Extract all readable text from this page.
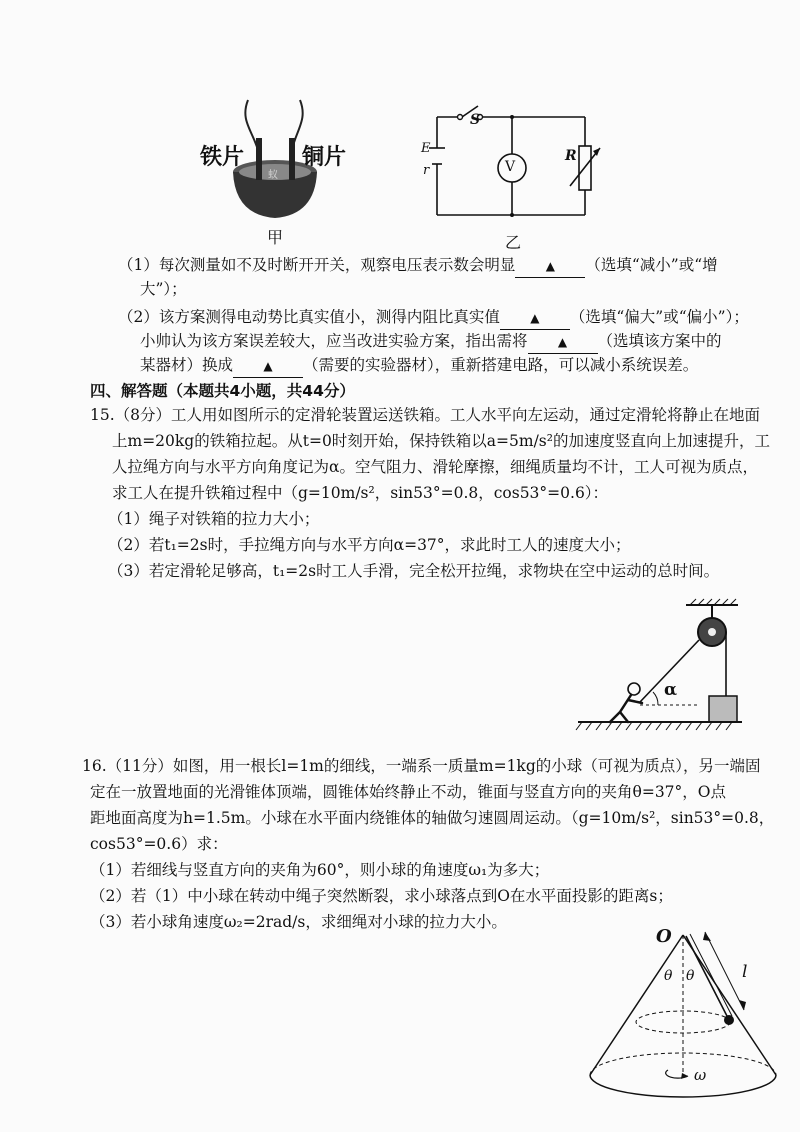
铁片	铜片
蚁
甲
S
E
r	V
R
乙
（1）每次测量如不及时断开开关，观察电压表示数会明显	▲ （选填“减小”或“增
大”）；
（2）该方案测得电动势比真实值小，测得内阻比真实值	▲ （选填“偏大”或“偏小”）；
小帅认为该方案误差较大，应当改进实验方案，指出需将	▲ （选填该方案中的
某器材）换成	▲ （需要的实验器材），重新搭建电路，可以减小系统误差。
四、解答题（本题共4小题，共44分）
15.（8分）工人用如图所示的定滑轮装置运送铁箱。工人水平向左运动，通过定滑轮将静止在地面
上m=20kg的铁箱拉起。从t=0时刻开始，保持铁箱以a=5m/s²的加速度竖直向上加速提升，工
人拉绳方向与水平方向角度记为α。空气阻力、滑轮摩擦，细绳质量均不计，工人可视为质点，
求工人在提升铁箱过程中（g=10m/s²，sin53°=0.8，cos53°=0.6）：
（1）绳子对铁箱的拉力大小；
（2）若t₁=2s时，手拉绳方向与水平方向α=37°，求此时工人的速度大小；
（3）若定滑轮足够高，t₁=2s时工人手滑，完全松开拉绳，求物块在空中运动的总时间。
α
16.（11分）如图，用一根长l=1m的细线，一端系一质量m=1kg的小球（可视为质点），另一端固
定在一放置地面的光滑锥体顶端，圆锥体始终静止不动，锥面与竖直方向的夹角θ=37°，O点
距地面高度为h=1.5m。小球在水平面内绕锥体的轴做匀速圆周运动。（g=10m/s²，sin53°=0.8，
cos53°=0.6）求：
（1）若细线与竖直方向的夹角为60°，则小球的角速度ω₁为多大；
（2）若（1）中小球在转动中绳子突然断裂，求小球落点到O在水平面投影的距离s；
（3）若小球角速度ω₂=2rad/s，求细绳对小球的拉力大小。
O
θ θ	l
ω
